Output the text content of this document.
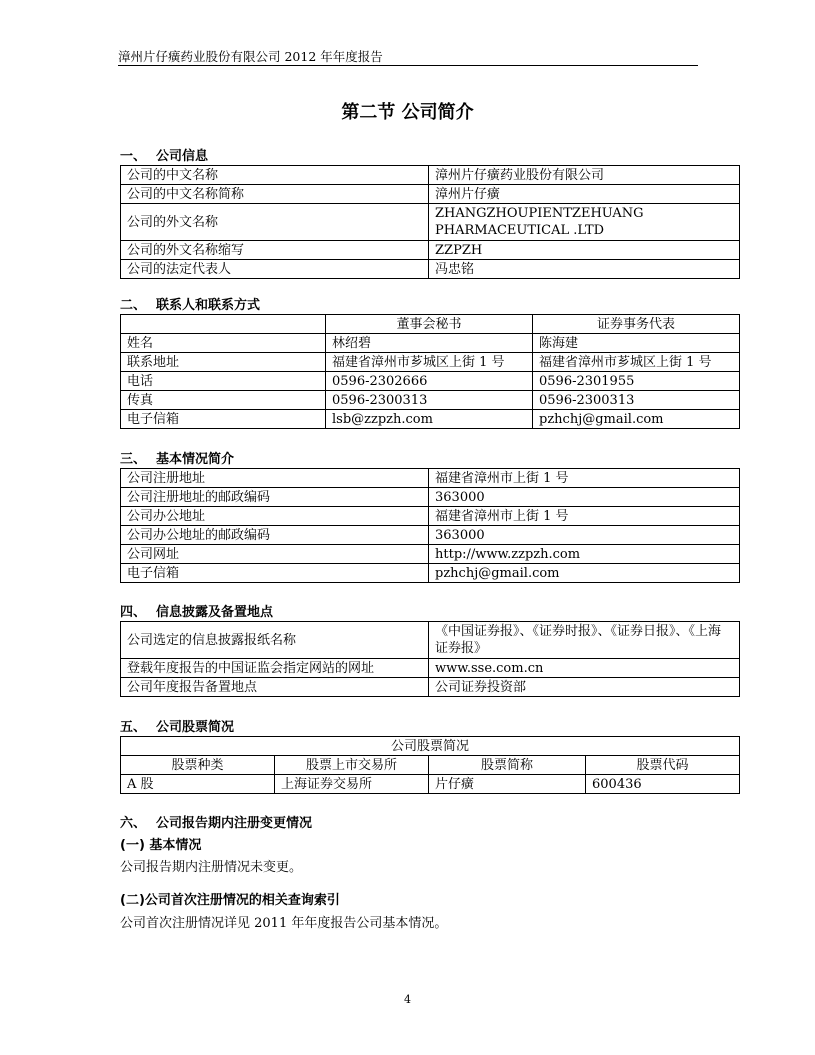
漳州片仔癀药业股份有限公司 2012 年年度报告
第二节 公司简介
一、 公司信息
公司的中文名称	漳州片仔癀药业股份有限公司
公司的中文名称简称	漳州片仔癀
公司的外文名称	ZHANGZHOUPIENTZEHUANG PHARMACEUTICAL .LTD
公司的外文名称缩写	ZZPZH
公司的法定代表人	冯忠铭
二、 联系人和联系方式
	董事会秘书	证券事务代表
姓名	林绍碧	陈海建
联系地址	福建省漳州市芗城区上街 1 号	福建省漳州市芗城区上街 1 号
电话	0596-2302666	0596-2301955
传真	0596-2300313	0596-2300313
电子信箱	lsb@zzpzh.com	pzhchj@gmail.com
三、 基本情况简介
公司注册地址	福建省漳州市上街 1 号
公司注册地址的邮政编码	363000
公司办公地址	福建省漳州市上街 1 号
公司办公地址的邮政编码	363000
公司网址	http://www.zzpzh.com
电子信箱	pzhchj@gmail.com
四、 信息披露及备置地点
公司选定的信息披露报纸名称	《中国证券报》、《证券时报》、《证券日报》、《上海证券报》
登载年度报告的中国证监会指定网站的网址	www.sse.com.cn
公司年度报告备置地点	公司证券投资部
五、 公司股票简况
公司股票简况			
股票种类	股票上市交易所	股票简称	股票代码
A 股	上海证券交易所	片仔癀	600436
六、 公司报告期内注册变更情况
(一) 基本情况
公司报告期内注册情况未变更。
(二)公司首次注册情况的相关查询索引
公司首次注册情况详见 2011 年年度报告公司基本情况。
4
